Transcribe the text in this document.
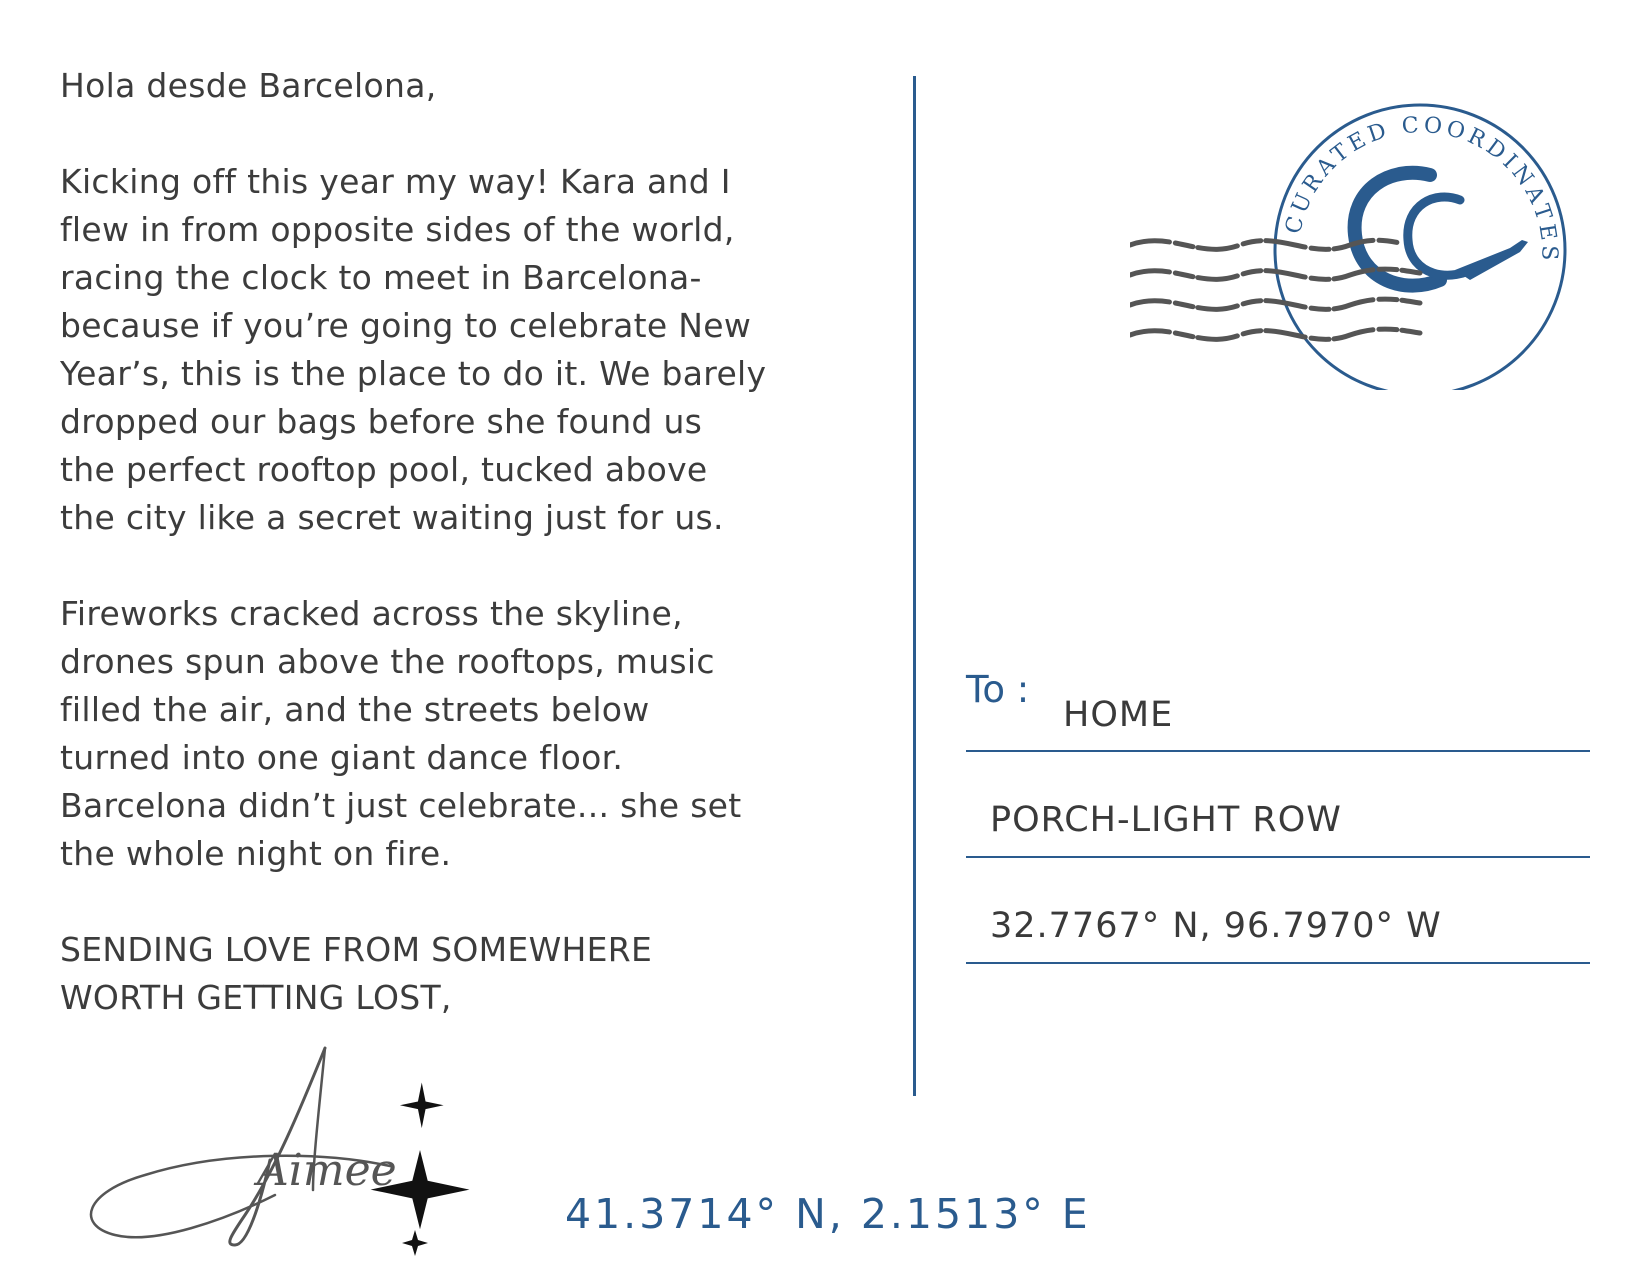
Hola desde Barcelona,
Kicking off this year my way! Kara and I
flew in from opposite sides of the world,
racing the clock to meet in Barcelona-
because if you’re going to celebrate New
Year’s, this is the place to do it. We barely
dropped our bags before she found us
the perfect rooftop pool, tucked above
the city like a secret waiting just for us.
Fireworks cracked across the skyline,
drones spun above the rooftops, music
filled the air, and the streets below
turned into one giant dance floor.
Barcelona didn’t just celebrate... she set
the whole night on fire.
SENDING LOVE FROM SOMEWHERE
WORTH GETTING LOST,
Aimee
41.3714° N, 2.1513° E
CURATED COORDINATES
To :
HOME
PORCH-LIGHT ROW
32.7767° N, 96.7970° W
